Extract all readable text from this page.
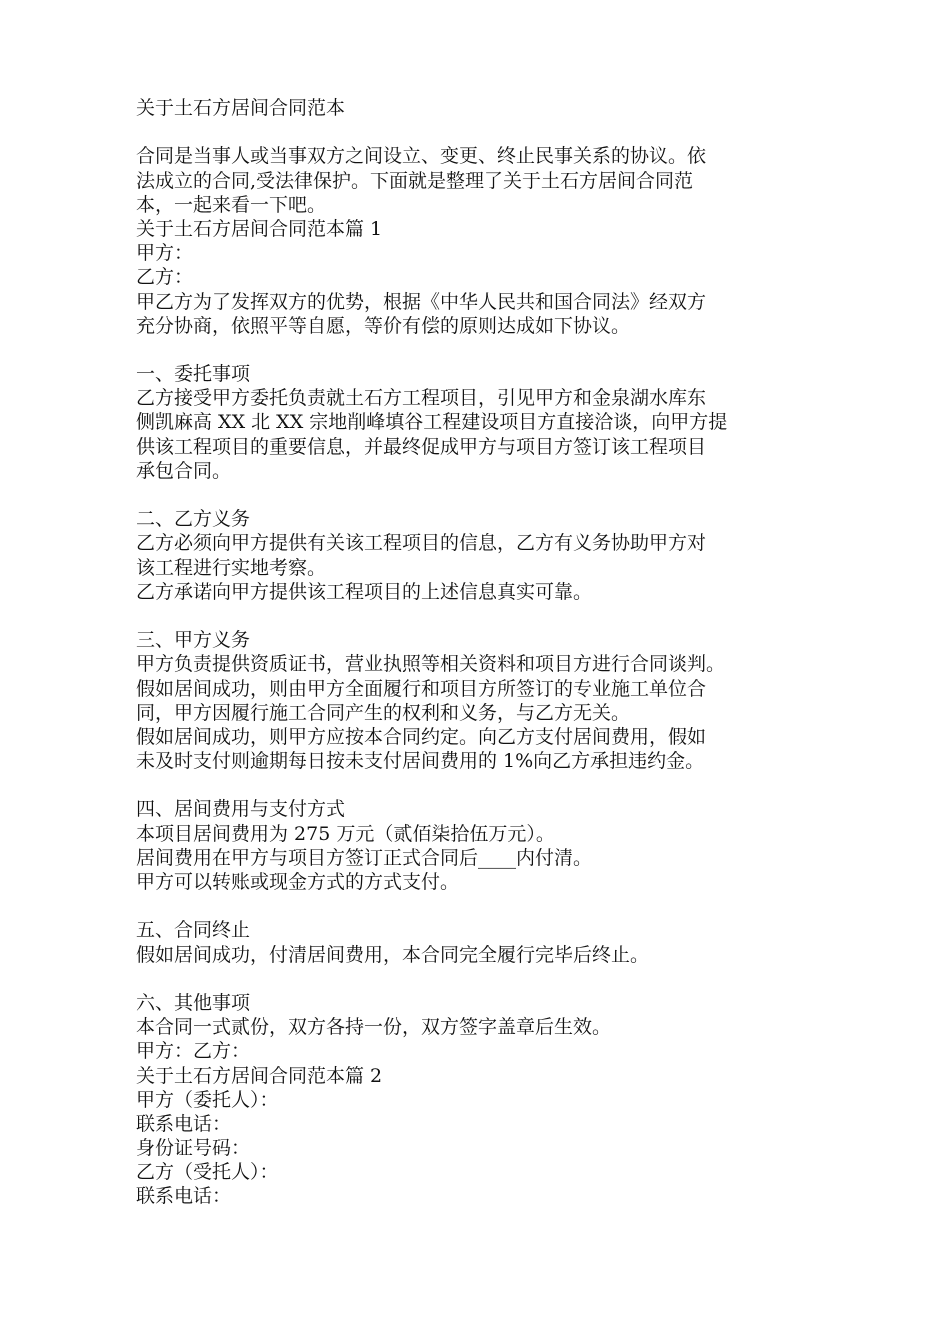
关于土石方居间合同范本
合同是当事人或当事双方之间设立、变更、终止民事关系的协议。依
法成立的合同,受法律保护。下面就是整理了关于土石方居间合同范
本，一起来看一下吧。
关于土石方居间合同范本篇 1
甲方：
乙方：
甲乙方为了发挥双方的优势，根据《中华人民共和国合同法》经双方
充分协商，依照平等自愿，等价有偿的原则达成如下协议。
一、委托事项
乙方接受甲方委托负责就土石方工程项目，引见甲方和金泉湖水库东
侧凯麻高 XX 北 XX 宗地削峰填谷工程建设项目方直接洽谈，向甲方提
供该工程项目的重要信息，并最终促成甲方与项目方签订该工程项目
承包合同。
二、乙方义务
乙方必须向甲方提供有关该工程项目的信息，乙方有义务协助甲方对
该工程进行实地考察。
乙方承诺向甲方提供该工程项目的上述信息真实可靠。
三、甲方义务
甲方负责提供资质证书，营业执照等相关资料和项目方进行合同谈判。
假如居间成功，则由甲方全面履行和项目方所签订的专业施工单位合
同，甲方因履行施工合同产生的权利和义务，与乙方无关。
假如居间成功，则甲方应按本合同约定。向乙方支付居间费用，假如
未及时支付则逾期每日按未支付居间费用的 1%向乙方承担违约金。
四、居间费用与支付方式
本项目居间费用为 275 万元（贰佰柒拾伍万元）。
居间费用在甲方与项目方签订正式合同后____内付清。
甲方可以转账或现金方式的方式支付。
五、合同终止
假如居间成功，付清居间费用，本合同完全履行完毕后终止。
六、其他事项
本合同一式贰份，双方各持一份，双方签字盖章后生效。
甲方：乙方：
关于土石方居间合同范本篇 2
甲方（委托人）：
联系电话：
身份证号码：
乙方（受托人）：
联系电话：
